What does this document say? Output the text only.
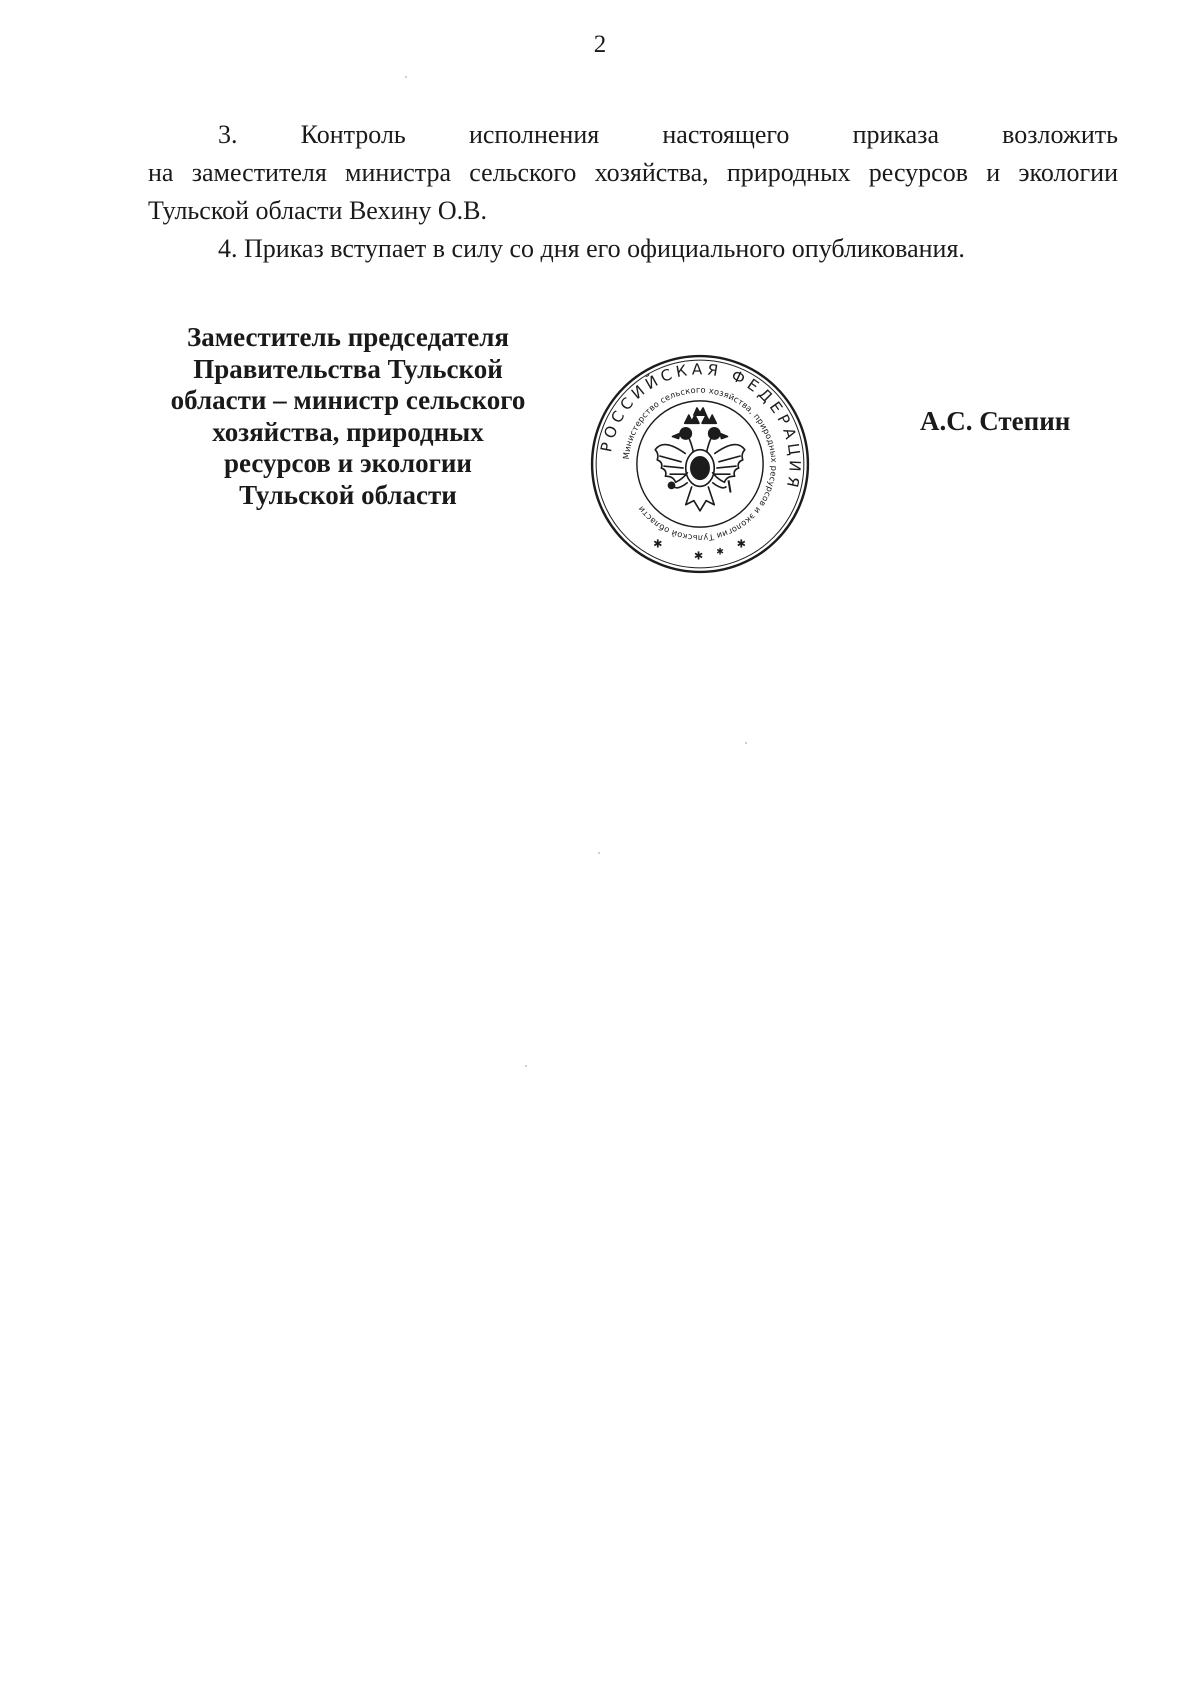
2
3. Контроль исполнения настоящего приказа возложить
на заместителя министра сельского хозяйства, природных ресурсов и экологии Тульской области Вехину О.В.
4. Приказ вступает в силу со дня его официального опубликования.
Заместитель председателя
Правительства Тульской
области – министр сельского
хозяйства, природных
ресурсов и экологии
Тульской области
РОССИЙСКАЯ ФЕДЕРАЦИЯ
Министерство сельского хозяйства, природных ресурсов и экологии Тульской области
✱
✱
✱
✱
А.С. Степин
